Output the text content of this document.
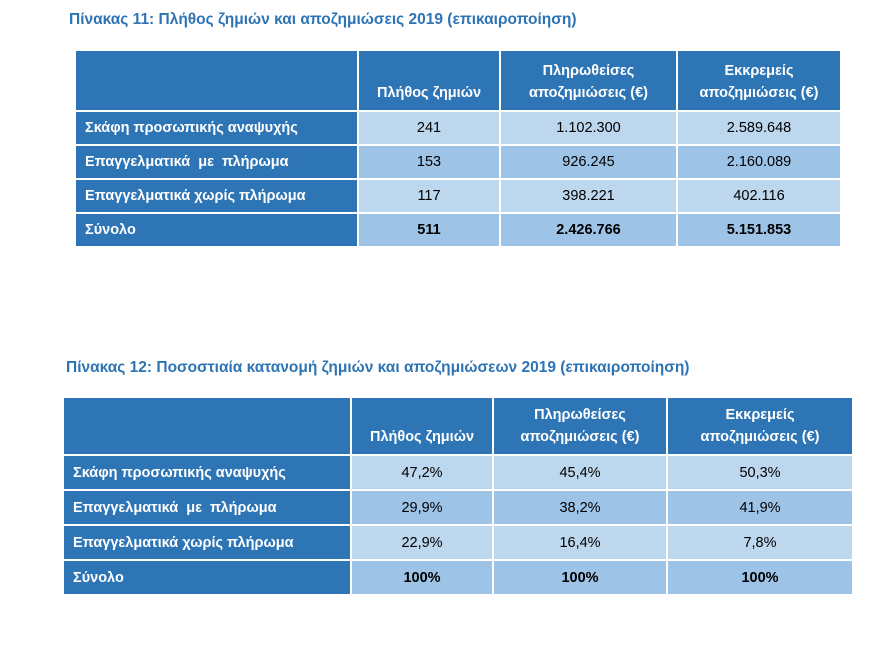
Πίνακας 11: Πλήθος ζημιών και αποζημιώσεις 2019 (επικαιροποίηση)
	Πλήθος ζημιών	Πληρωθείσες αποζημιώσεις (€)	Εκκρεμείς αποζημιώσεις (€)
Σκάφη προσωπικής αναψυχής	241	1.102.300	2.589.648
Επαγγελματικά  με  πλήρωμα	153	926.245	2.160.089
Επαγγελματικά χωρίς πλήρωμα	117	398.221	402.116
Σύνολο	511	2.426.766	5.151.853
Πίνακας 12: Ποσοστιαία κατανομή ζημιών και αποζημιώσεων 2019 (επικαιροποίηση)
	Πλήθος ζημιών	Πληρωθείσες αποζημιώσεις (€)	Εκκρεμείς αποζημιώσεις (€)
Σκάφη προσωπικής αναψυχής	47,2%	45,4%	50,3%
Επαγγελματικά  με  πλήρωμα	29,9%	38,2%	41,9%
Επαγγελματικά χωρίς πλήρωμα	22,9%	16,4%	7,8%
Σύνολο	100%	100%	100%
